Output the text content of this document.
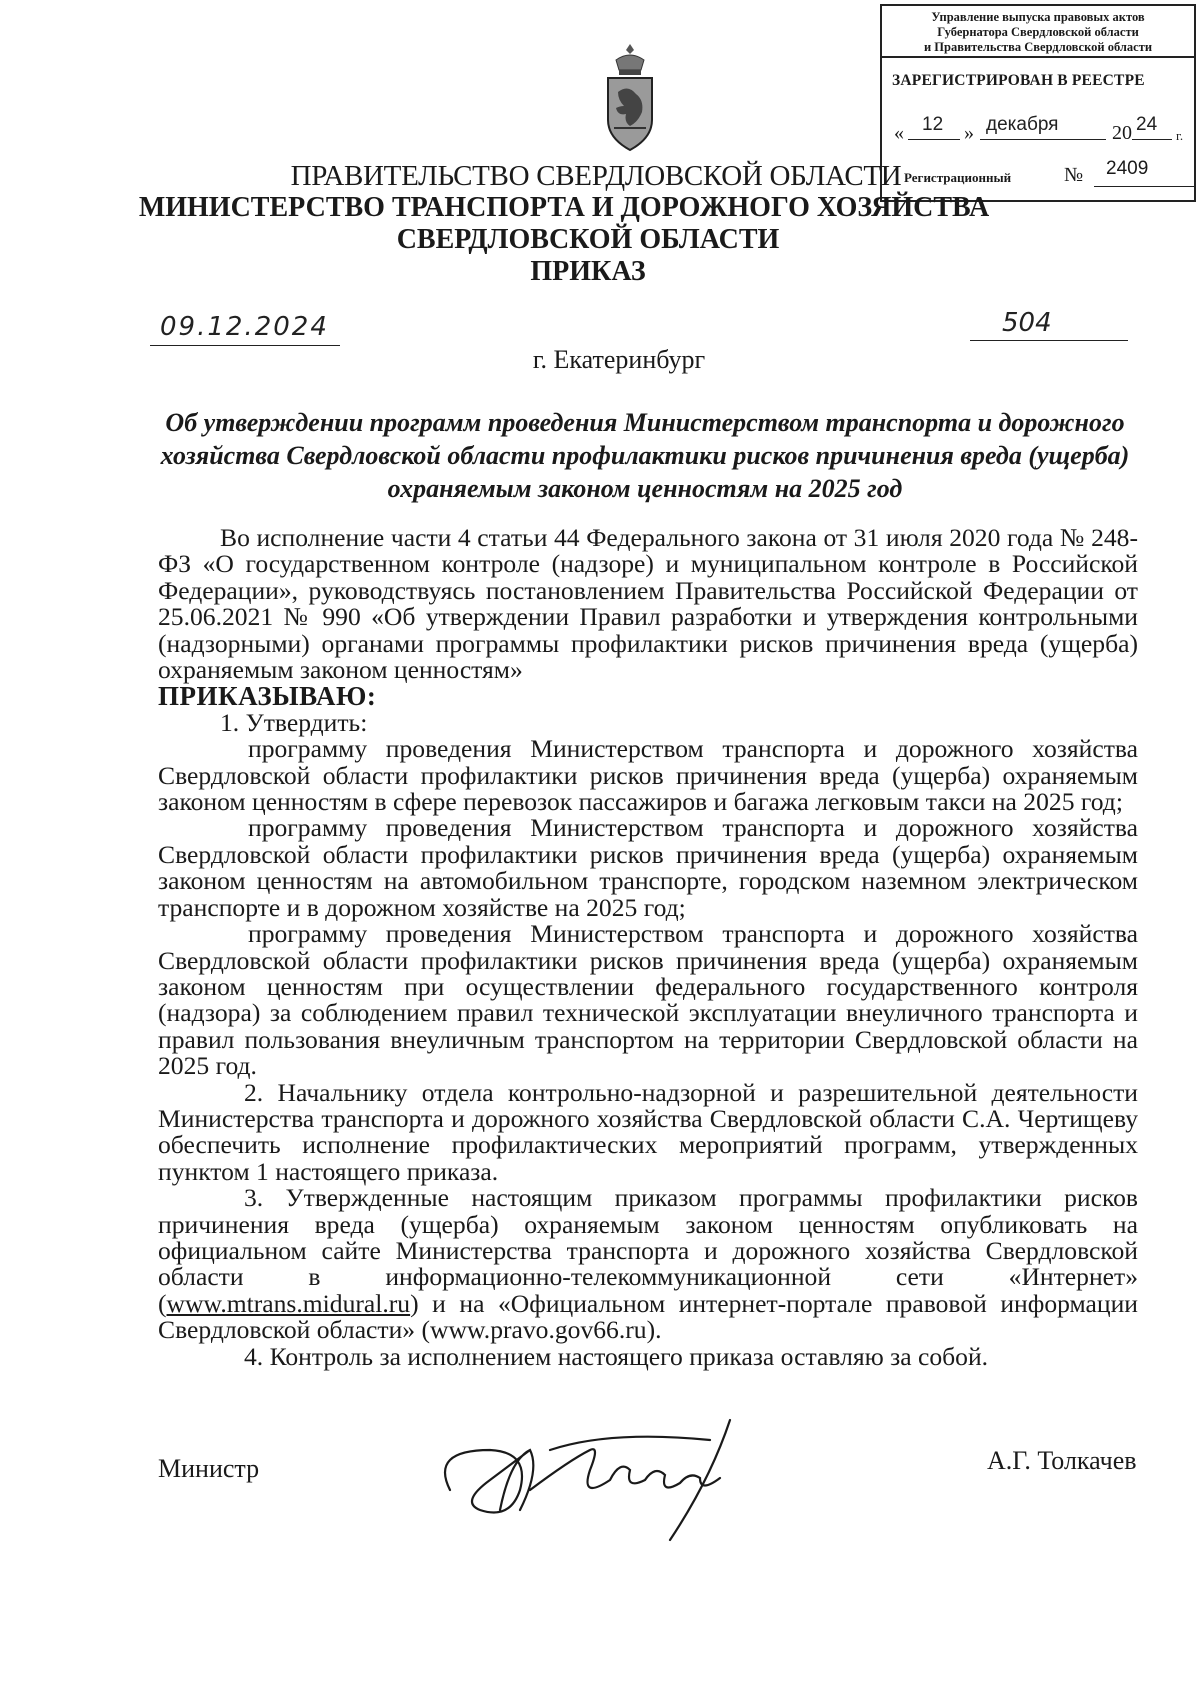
Управление выпуска правовых актов
Губернатора Свердловской области
и Правительства Свердловской области
ЗАРЕГИСТРИРОВАН В РЕЕСТРЕ
« 12 » декабря	20 24
г.
Регистрационный	№ 2409
ПРАВИТЕЛЬСТВО СВЕРДЛОВСКОЙ ОБЛАСТИ
МИНИСТЕРСТВО ТРАНСПОРТА И ДОРОЖНОГО ХОЗЯЙСТВА
СВЕРДЛОВСКОЙ ОБЛАСТИ
ПРИКАЗ
09.12.2024	504
г. Екатеринбург
Об утверждении программ проведения Министерством транспорта и дорожного хозяйства Свердловской области профилактики рисков причинения вреда (ущерба) охраняемым законом ценностям на 2025 год

Во исполнение части 4 статьи 44 Федерального закона от 31 июля 2020 года № 248-ФЗ «О государственном контроле (надзоре) и муниципальном контроле в Российской Федерации», руководствуясь постановлением Правительства Российской Федерации от 25.06.2021 № 990 «Об утверждении Правил разработки и утверждения контрольными (надзорными) органами программы профилактики рисков причинения вреда (ущерба) охраняемым законом ценностям»

ПРИКАЗЫВАЮ:

1. Утвердить:

программу проведения Министерством транспорта и дорожного хозяйства Свердловской области профилактики рисков причинения вреда (ущерба) охраняемым законом ценностям в сфере перевозок пассажиров и багажа легковым такси на 2025 год;

программу проведения Министерством транспорта и дорожного хозяйства Свердловской области профилактики рисков причинения вреда (ущерба) охраняемым законом ценностям на автомобильном транспорте, городском наземном электрическом транспорте и в дорожном хозяйстве на 2025 год;

программу проведения Министерством транспорта и дорожного хозяйства Свердловской области профилактики рисков причинения вреда (ущерба) охраняемым законом ценностям при осуществлении федерального государственного контроля (надзора) за соблюдением правил технической эксплуатации внеуличного транспорта и правил пользования внеуличным транспортом на территории Свердловской области на 2025 год.

2. Начальнику отдела контрольно-надзорной и разрешительной деятельности Министерства транспорта и дорожного хозяйства Свердловской области С.А. Чертищеву обеспечить исполнение профилактических мероприятий программ, утвержденных пунктом 1 настоящего приказа.

3. Утвержденные настоящим приказом программы профилактики рисков причинения вреда (ущерба) охраняемым законом ценностям опубликовать на официальном сайте Министерства транспорта и дорожного хозяйства Свердловской области в информационно-телекоммуникационной сети «Интернет» (www.mtrans.midural.ru) и на «Официальном интернет-портале правовой информации Свердловской области» (www.pravo.gov66.ru).

4. Контроль за исполнением настоящего приказа оставляю за собой.

Министр	А.Г. Толкачев
